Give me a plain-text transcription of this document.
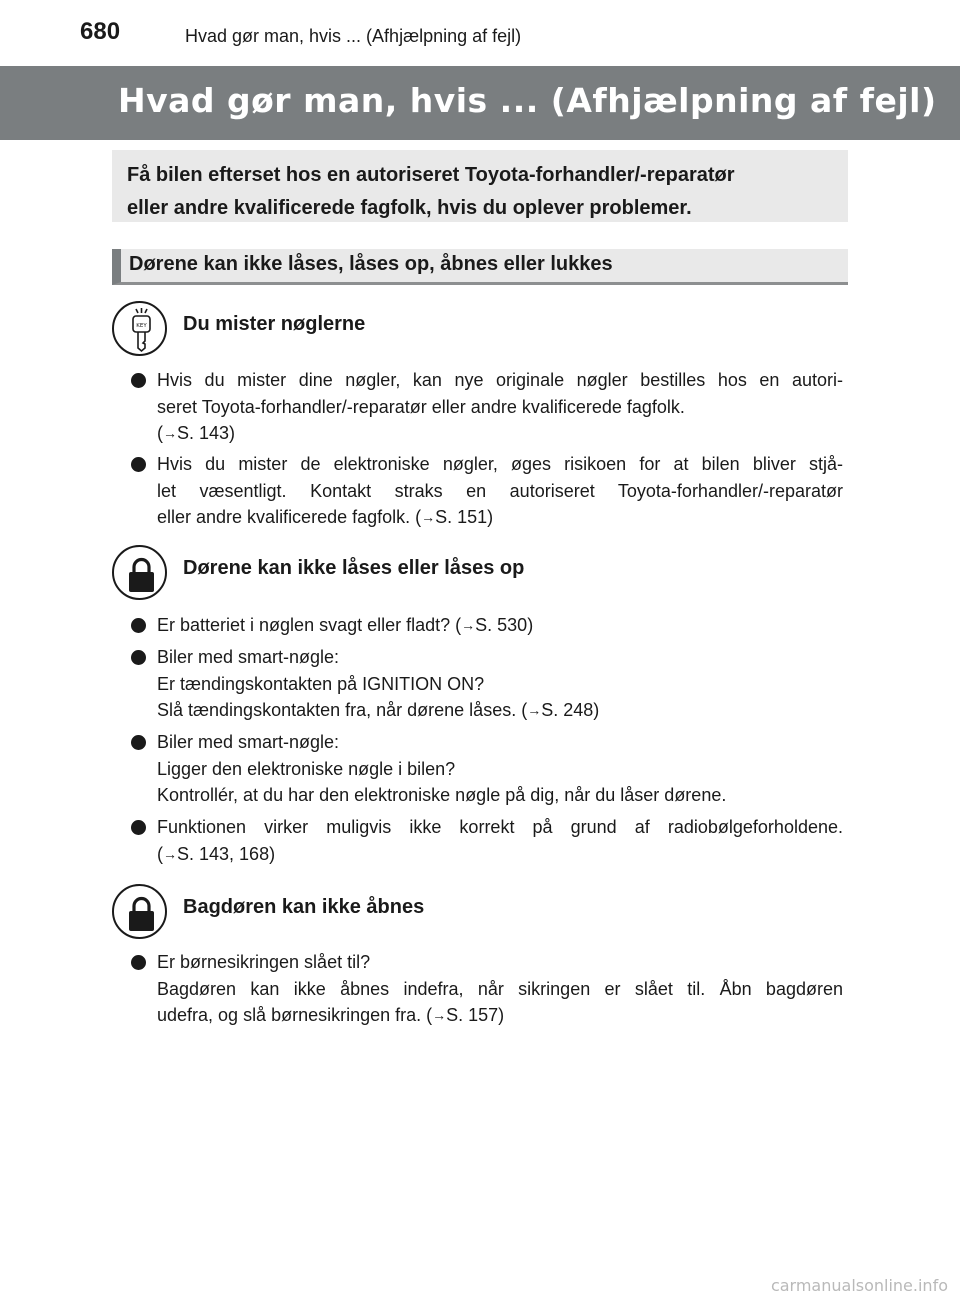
680	Hvad gør man, hvis ... (Afhjælpning af fejl)
Hvad gør man, hvis ... (Afhjælpning af fejl)
Få bilen efterset hos en autoriseret Toyota-forhandler/-reparatør
eller andre kvalificerede fagfolk, hvis du oplever problemer.
Dørene kan ikke låses, låses op, åbnes eller lukkes
KEY Du mister nøglerne
Hvis du mister dine nøgler, kan nye originale nøgler bestilles hos en autori-
seret Toyota-forhandler/-reparatør eller andre kvalificerede fagfolk.
(→S. 143)
Hvis du mister de elektroniske nøgler, øges risikoen for at bilen bliver stjå-
let væsentligt. Kontakt straks en autoriseret Toyota-forhandler/-reparatør
eller andre kvalificerede fagfolk. (→S. 151)
Dørene kan ikke låses eller låses op
Er batteriet i nøglen svagt eller fladt? (→S. 530)
Biler med smart-nøgle:
Er tændingskontakten på IGNITION ON?
Slå tændingskontakten fra, når dørene låses. (→S. 248)
Biler med smart-nøgle:
Ligger den elektroniske nøgle i bilen?
Kontrollér, at du har den elektroniske nøgle på dig, når du låser dørene.
Funktionen virker muligvis ikke korrekt på grund af radiobølgeforholdene.
(→S. 143, 168)
Bagdøren kan ikke åbnes
Er børnesikringen slået til?
Bagdøren kan ikke åbnes indefra, når sikringen er slået til. Åbn bagdøren
udefra, og slå børnesikringen fra. (→S. 157)
carmanualsonline.info
